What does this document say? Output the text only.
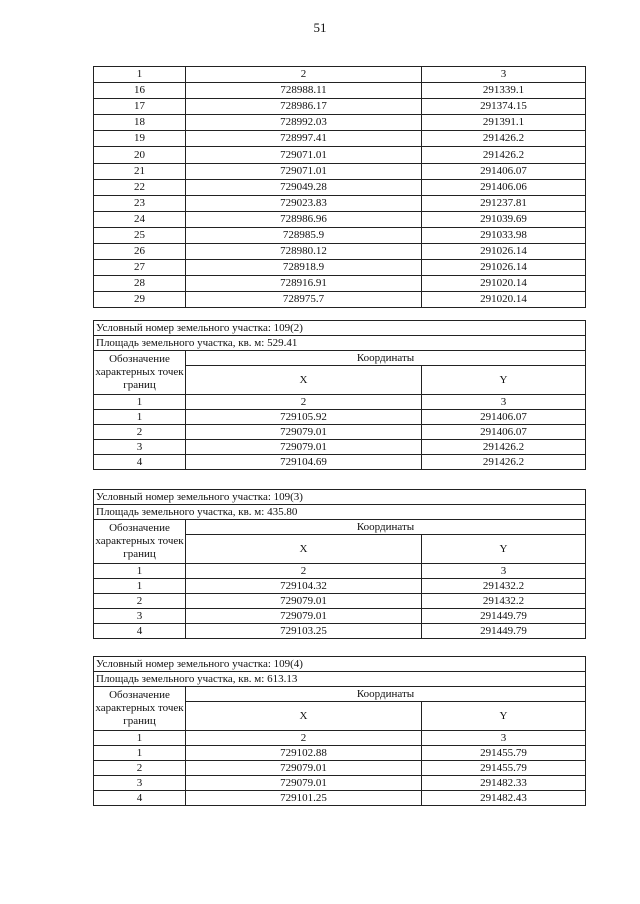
51
1	2	3
16	728988.11	291339.1
17	728986.17	291374.15
18	728992.03	291391.1
19	728997.41	291426.2
20	729071.01	291426.2
21	729071.01	291406.07
22	729049.28	291406.06
23	729023.83	291237.81
24	728986.96	291039.69
25	728985.9	291033.98
26	728980.12	291026.14
27	728918.9	291026.14
28	728916.91	291020.14
29	728975.7	291020.14
Условный номер земельного участка: 109(2)		
Площадь земельного участка, кв. м: 529.41		
Обозначение характерных точек границ	Координаты	
	X	Y
1	2	3
1	729105.92	291406.07
2	729079.01	291406.07
3	729079.01	291426.2
4	729104.69	291426.2
Условный номер земельного участка: 109(3)		
Площадь земельного участка, кв. м: 435.80		
Обозначение характерных точек границ	Координаты	
	X	Y
1	2	3
1	729104.32	291432.2
2	729079.01	291432.2
3	729079.01	291449.79
4	729103.25	291449.79
Условный номер земельного участка: 109(4)		
Площадь земельного участка, кв. м: 613.13		
Обозначение характерных точек границ	Координаты	
	X	Y
1	2	3
1	729102.88	291455.79
2	729079.01	291455.79
3	729079.01	291482.33
4	729101.25	291482.43
